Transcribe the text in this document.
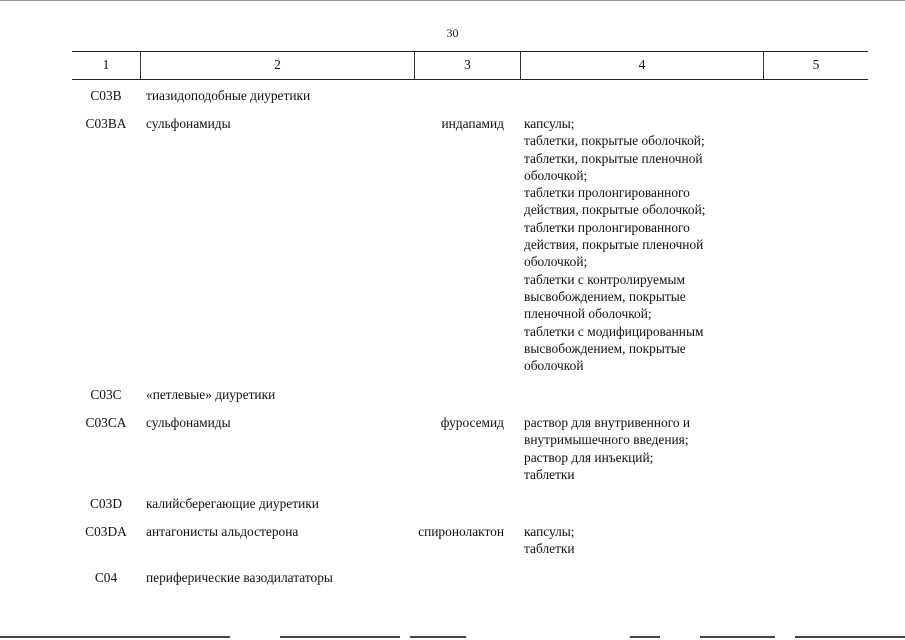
30
1	2	3	4	5
C03B	тиазидоподобные диуретики
C03BA	сульфонамиды	индапамид капсулы;
таблетки, покрытые оболочкой;
таблетки, покрытые пленочной
оболочкой;
таблетки пролонгированного
действия, покрытые оболочкой;
таблетки пролонгированного
действия, покрытые пленочной
оболочкой;
таблетки с контролируемым
высвобождением, покрытые
пленочной оболочкой;
таблетки с модифицированным
высвобождением, покрытые
оболочкой
C03C	«петлевые» диуретики
C03CA	сульфонамиды	фуросемид раствор для внутривенного и
внутримышечного введения;
раствор для инъекций;
таблетки
C03D	калийсберегающие диуретики
C03DA	антагонисты альдостерона	спиронолактон капсулы;
таблетки
C04	периферические вазодилататоры
